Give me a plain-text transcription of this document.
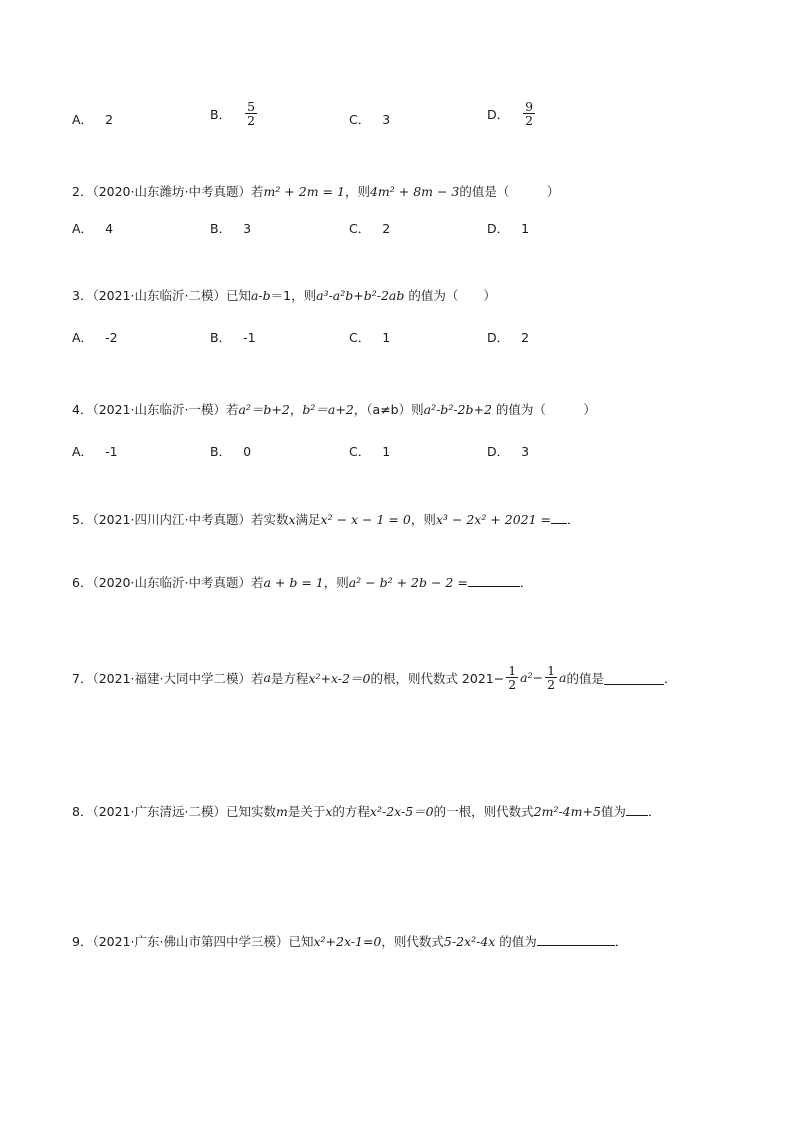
A． 2	B． $\frac{5}{2}$	C． 3	D． $\frac{9}{2}$
2．（2020·山东潍坊·中考真题）若m² + 2m = 1，则4m² + 8m − 3的值是（　　　）
A． 4	B． 3	C． 2	D． 1
3．（2021·山东临沂·二模）已知a-b＝1，则a³-a²b+b²-2ab 的值为（　　）
A． -2	B． -1	C． 1	D． 2
4．（2021·山东临沂·一模）若a²＝b+2，b²＝a+2，（a≠b）则a²-b²-2b+2 的值为（　　　）
A． -1	B． 0	C． 1	D． 3
5．（2021·四川内江·中考真题）若实数x满足x² − x − 1 = 0，则x³ − 2x² + 2021 = ．
6．（2020·山东临沂·中考真题）若a + b = 1，则a² − b² + 2b − 2 =	．
7．（2021·福建·大同中学二模）若 a 是方程 x²+x-2＝0 的根，则代数式 $2021- \frac{1}{2} a^2- \frac{1}{2}$ a 的值是	．
8．（2021·广东清远·二模）已知实数m是关于x的方程x²-2x-5＝0的一根，则代数式2m²-4m+5值为 ．
9．（2021·广东·佛山市第四中学三模）已知x²+2x-1=0，则代数式5-2x²-4x 的值为	．
